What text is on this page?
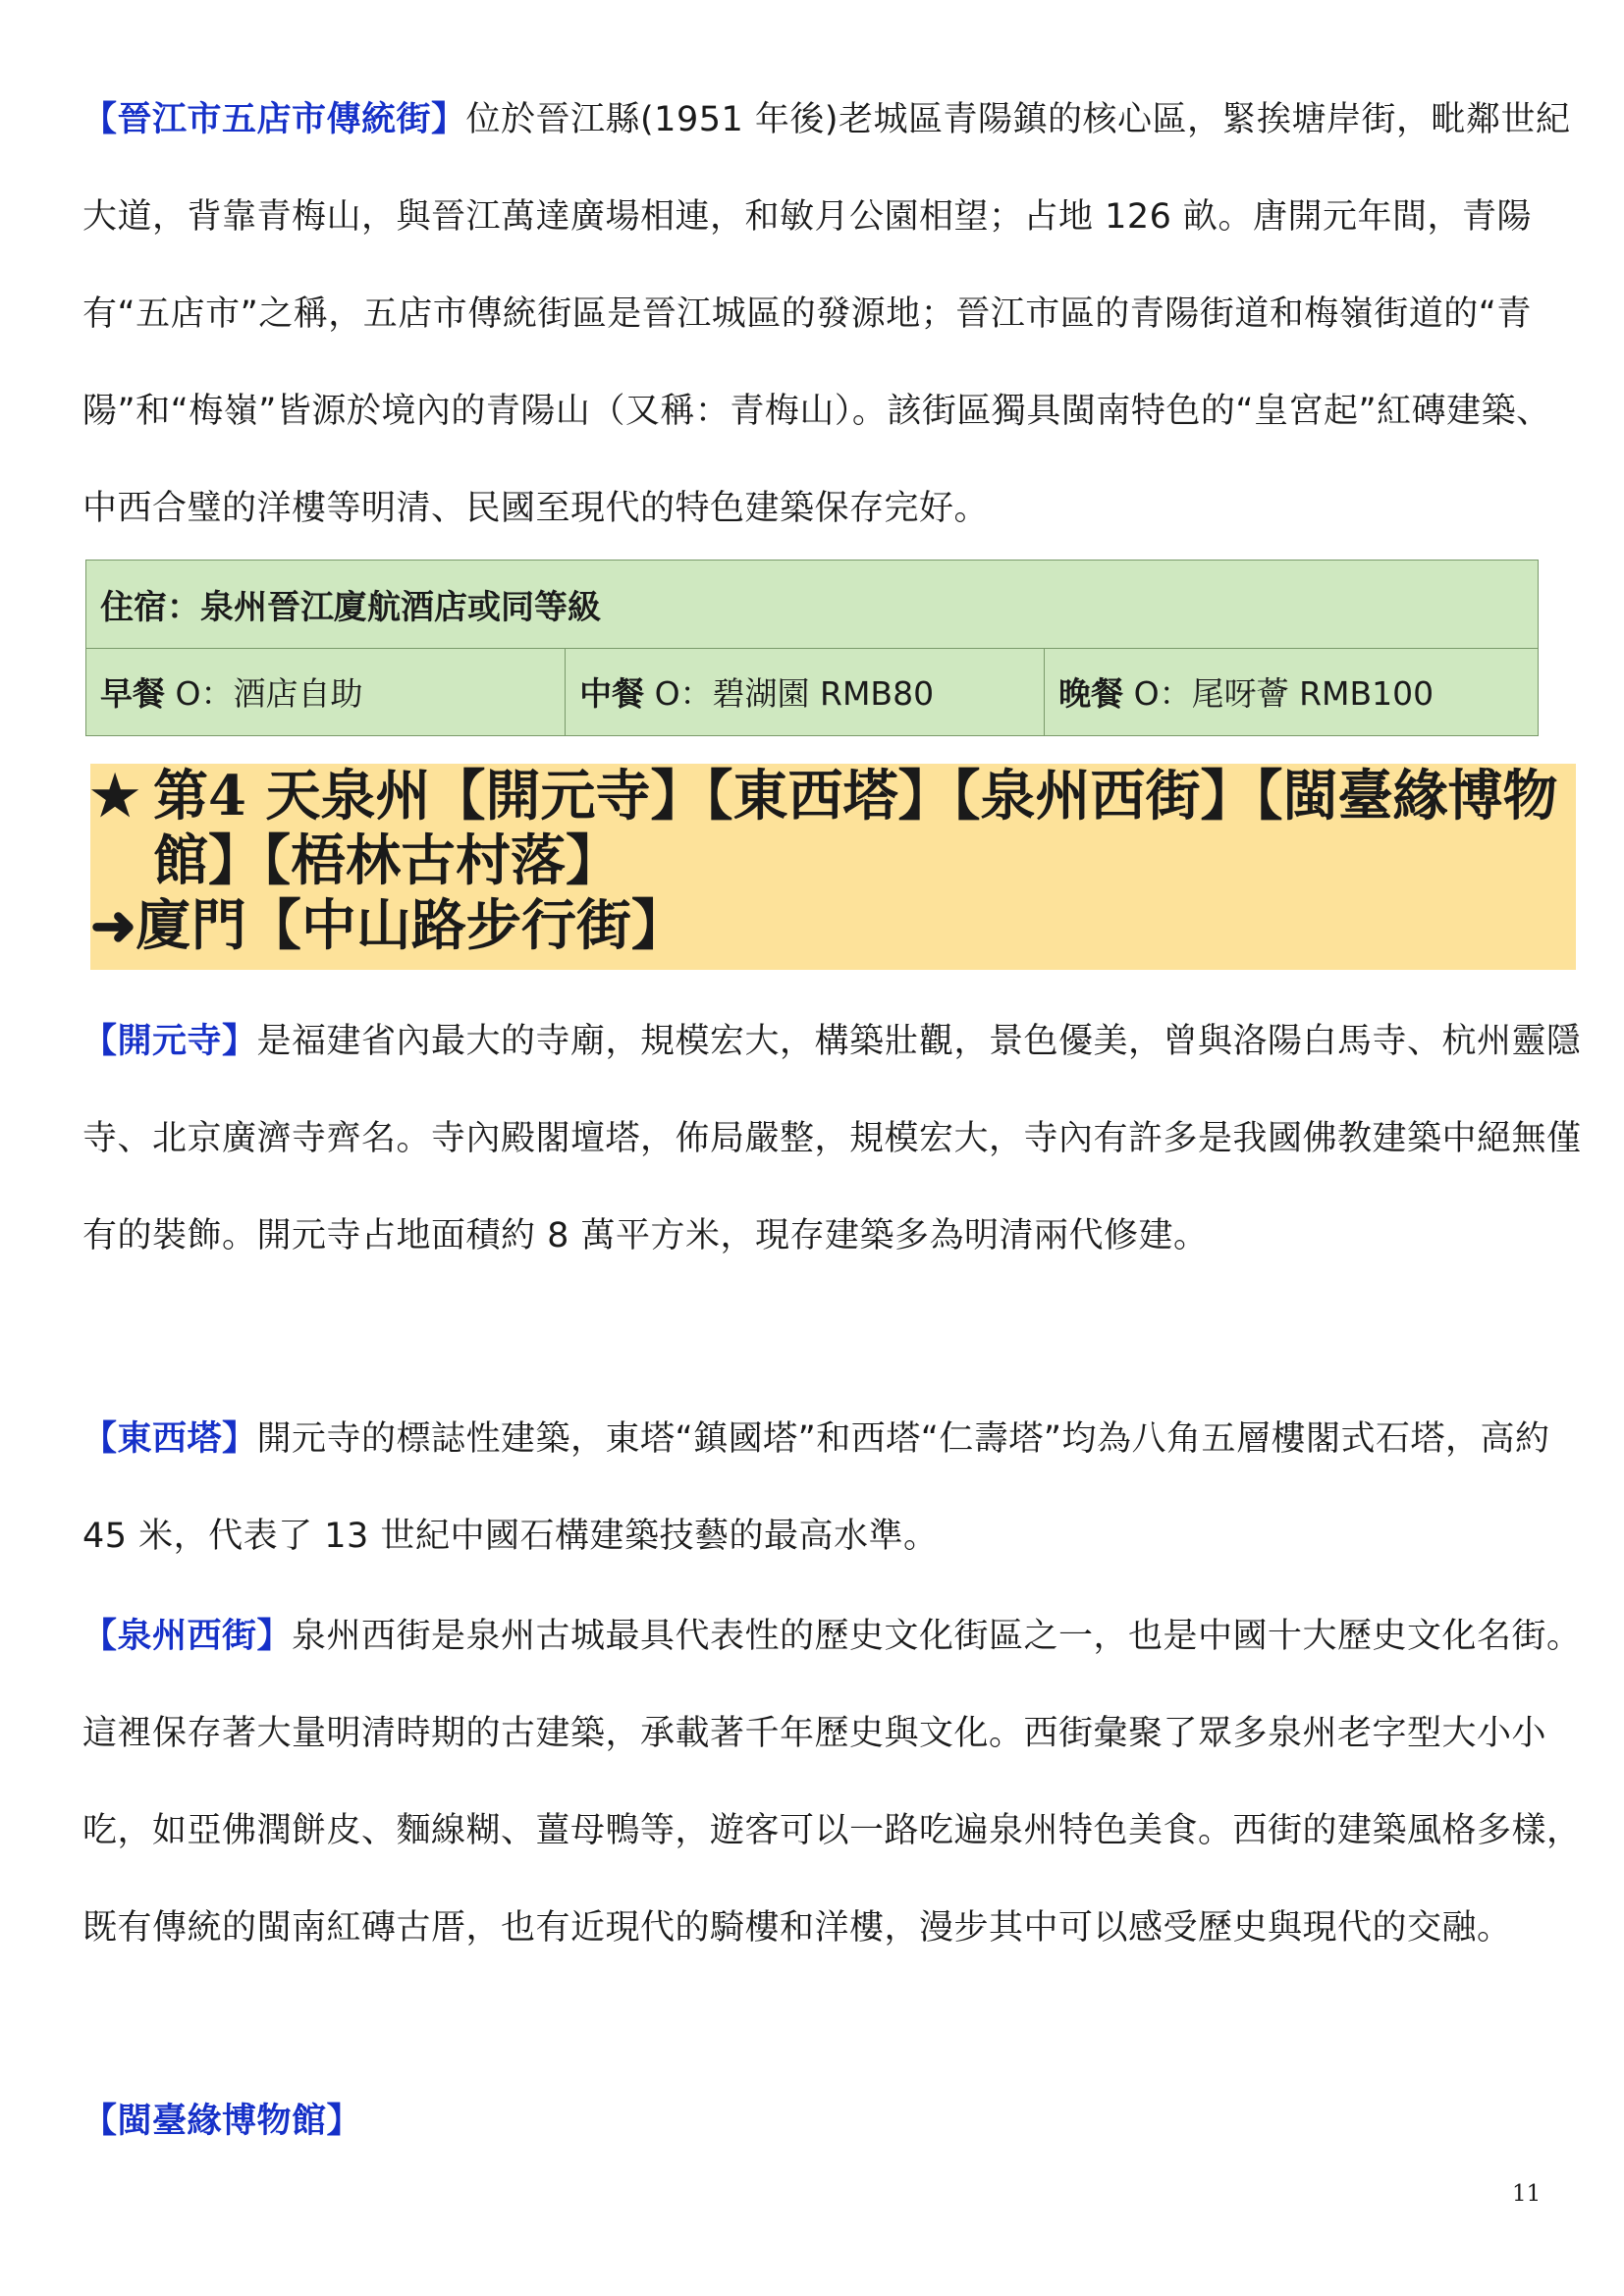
【晉江市五店市傳統街】位於晉江縣(1951 年後)老城區青陽鎮的核心區，緊挨塘岸街，毗鄰世紀大道，背靠青梅山，與晉江萬達廣場相連，和敏月公園相望；占地 126 畝。唐開元年間，青陽有“五店市”之稱，五店市傳統街區是晉江城區的發源地；晉江市區的青陽街道和梅嶺街道的“青陽”和“梅嶺”皆源於境內的青陽山（又稱：青梅山）。該街區獨具閩南特色的“皇宮起”紅磚建築、中西合璧的洋樓等明清、民國至現代的特色建築保存完好。

住宿：泉州晉江廈航酒店或同等級
早餐 O：酒店自助	中餐 O：碧湖園 RMB80	晚餐 O：尾呀薈 RMB100
★ 第4 天泉州【開元寺】【東西塔】【泉州西街】【閩臺緣博物
館】【梧林古村落】
➜廈門【中山路步行街】

【開元寺】是福建省內最大的寺廟，規模宏大，構築壯觀，景色優美，曾與洛陽白馬寺、杭州靈隱寺、北京廣濟寺齊名。寺內殿閣壇塔，佈局嚴整，規模宏大，寺內有許多是我國佛教建築中絕無僅有的裝飾。開元寺占地面積約 8 萬平方米，現存建築多為明清兩代修建。

【東西塔】開元寺的標誌性建築，東塔“鎮國塔”和西塔“仁壽塔”均為八角五層樓閣式石塔，高約 45 米，代表了 13 世紀中國石構建築技藝的最高水準。

【泉州西街】泉州西街是泉州古城最具代表性的歷史文化街區之一，也是中國十大歷史文化名街。這裡保存著大量明清時期的古建築，承載著千年歷史與文化。西街彙聚了眾多泉州老字型大小小吃，如亞佛潤餅皮、麵線糊、薑母鴨等，遊客可以一路吃遍泉州特色美食。西街的建築風格多樣，既有傳統的閩南紅磚古厝，也有近現代的騎樓和洋樓，漫步其中可以感受歷史與現代的交融。

【閩臺緣博物館】

11
